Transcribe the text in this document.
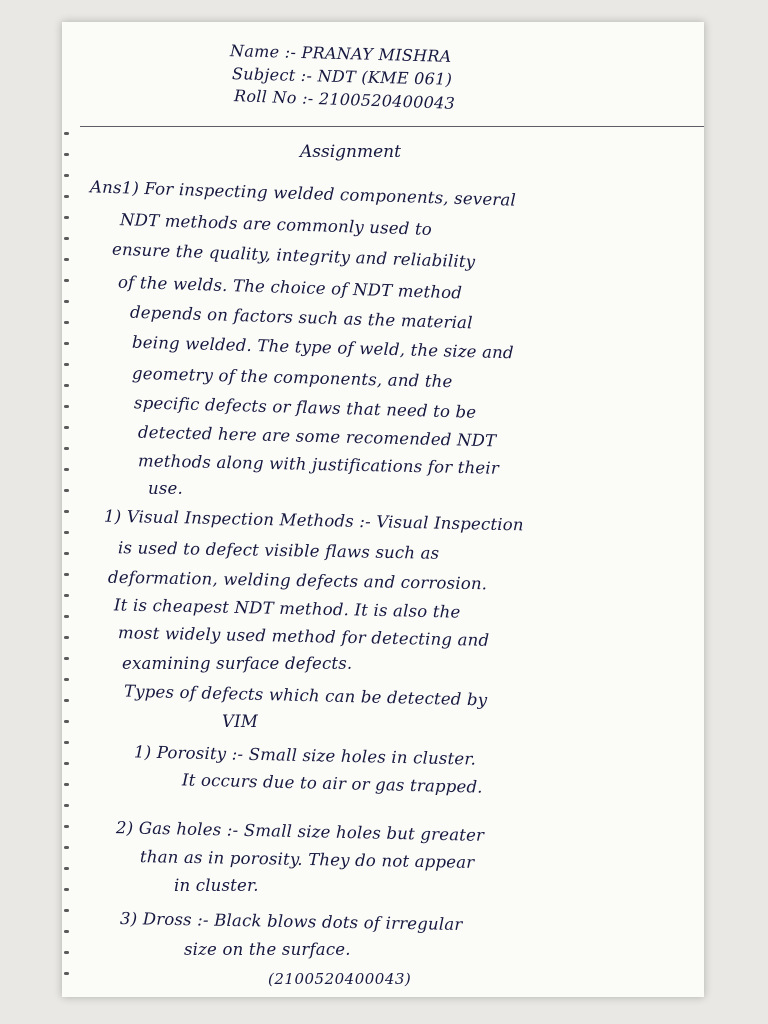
Name :- PRANAY MISHRA
Subject :- NDT (KME 061)
Roll No :- 2100520400043
Assignment
Ans1) For inspecting welded components, several
NDT methods are commonly used to
ensure the quality, integrity and reliability
of the welds. The choice of NDT method
depends on factors such as the material
being welded. The type of weld, the size and
geometry of the components, and the
specific defects or flaws that need to be
detected here are some recomended NDT
methods along with justifications for their
use.
1) Visual Inspection Methods :- Visual Inspection
is used to defect visible flaws such as
deformation, welding defects and corrosion.
It is cheapest NDT method. It is also the
most widely used method for detecting and
examining surface defects.
Types of defects which can be detected by
VIM
1) Porosity :- Small size holes in cluster.
It occurs due to air or gas trapped.
2) Gas holes :- Small size holes but greater
than as in porosity. They do not appear
in cluster.
3) Dross :- Black blows dots of irregular
size on the surface.
(2100520400043)
